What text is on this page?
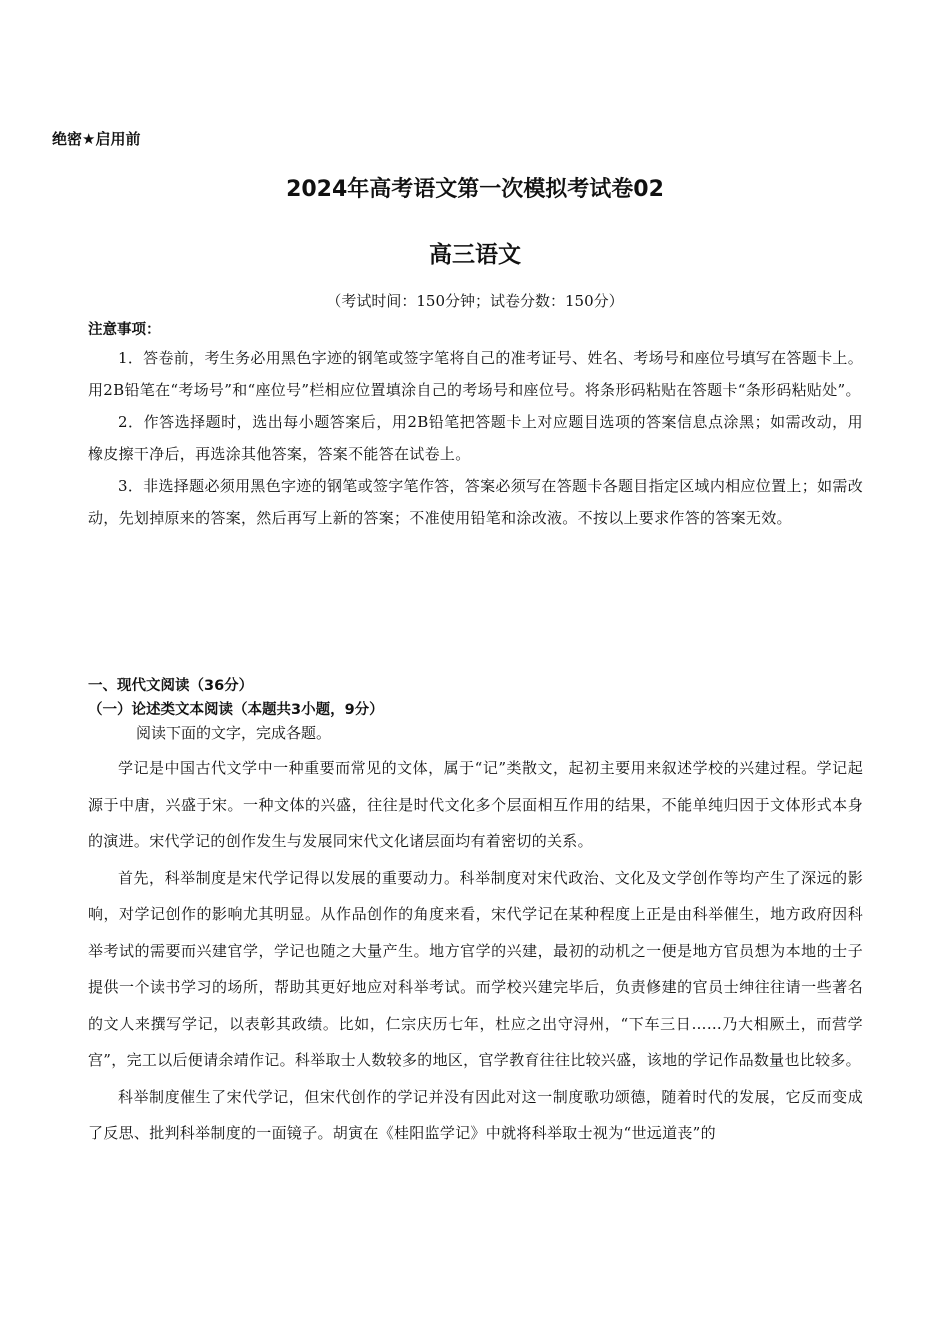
绝密★启用前
2024年高考语文第一次模拟考试卷02
高三语文
（考试时间：150分钟；试卷分数：150分）
注意事项：

1．答卷前，考生务必用黑色字迹的钢笔或签字笔将自己的准考证号、姓名、考场号和座位号填写在答题卡上。用2B铅笔在“考场号”和“座位号”栏相应位置填涂自己的考场号和座位号。将条形码粘贴在答题卡“条形码粘贴处”。

2．作答选择题时，选出每小题答案后，用2B铅笔把答题卡上对应题目选项的答案信息点涂黑；如需改动，用橡皮擦干净后，再选涂其他答案，答案不能答在试卷上。

3．非选择题必须用黑色字迹的钢笔或签字笔作答，答案必须写在答题卡各题目指定区域内相应位置上；如需改动，先划掉原来的答案，然后再写上新的答案；不准使用铅笔和涂改液。不按以上要求作答的答案无效。

一、现代文阅读（36分）
（一）论述类文本阅读（本题共3小题，9分）
阅读下面的文字，完成各题。

学记是中国古代文学中一种重要而常见的文体，属于“记”类散文，起初主要用来叙述学校的兴建过程。学记起源于中唐，兴盛于宋。一种文体的兴盛，往往是时代文化多个层面相互作用的结果，不能单纯归因于文体形式本身的演进。宋代学记的创作发生与发展同宋代文化诸层面均有着密切的关系。

首先，科举制度是宋代学记得以发展的重要动力。科举制度对宋代政治、文化及文学创作等均产生了深远的影响，对学记创作的影响尤其明显。从作品创作的角度来看，宋代学记在某种程度上正是由科举催生，地方政府因科举考试的需要而兴建官学，学记也随之大量产生。地方官学的兴建，最初的动机之一便是地方官员想为本地的士子提供一个读书学习的场所，帮助其更好地应对科举考试。而学校兴建完毕后，负责修建的官员士绅往往请一些著名的文人来撰写学记，以表彰其政绩。比如，仁宗庆历七年，杜应之出守浔州，“下车三日……乃大相厥土，而营学宫”，完工以后便请余靖作记。科举取士人数较多的地区，官学教育往往比较兴盛，该地的学记作品数量也比较多。

科举制度催生了宋代学记，但宋代创作的学记并没有因此对这一制度歌功颂德，随着时代的发展，它反而变成了反思、批判科举制度的一面镜子。胡寅在《桂阳监学记》中就将科举取士视为“世远道丧”的
